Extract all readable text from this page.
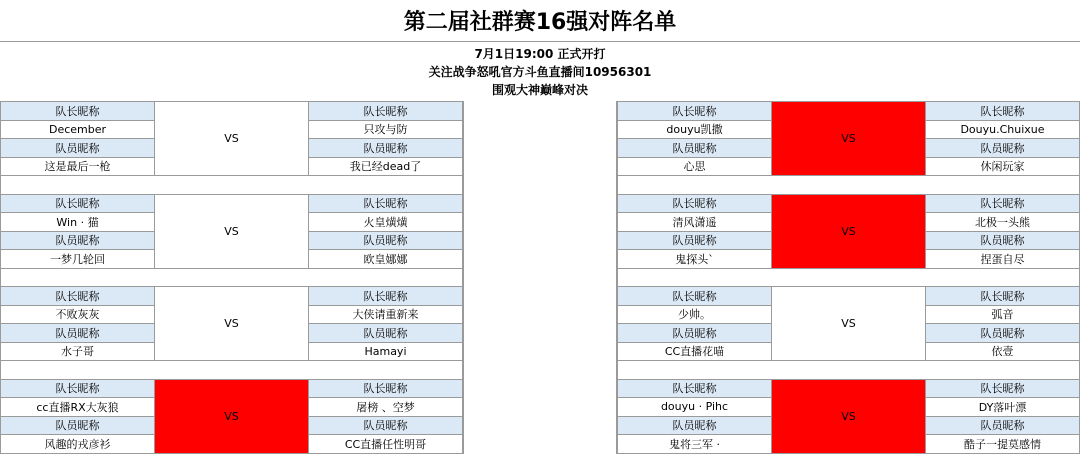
第二届社群赛16强对阵名单
7月1日19:00 正式开打
关注战争怒吼官方斗鱼直播间10956301
围观大神巅峰对决
队长昵称
December
队员昵称
这是最后一枪
VS
队长昵称
只攻与防
队员昵称
我已经dead了
队长昵称
Win · 猫
队员昵称
一梦几轮回
VS
队长昵称
火皇熿熿
队员昵称
欧皇娜娜
队长昵称
不败灰灰
队员昵称
水子哥
VS
队长昵称
大侠请重新来
队员昵称
Hamayi
队长昵称
cc直播RX大灰狼
队员昵称
风趣的戎彦衫
VS
队长昵称
屠榜 、空梦
队员昵称
CC直播任性明哥
队长昵称
douyu凯撒
队员昵称
心思
VS
队长昵称
Douyu.Chuixue
队员昵称
休闲玩家
队长昵称
清风潇遥
队员昵称
鬼探头`
VS
队长昵称
北极一头熊
队员昵称
捏蛋自尽
队长昵称
少帅。
队员昵称
CC直播花喵
VS
队长昵称
弧音
队员昵称
依壹
队长昵称
douyu · Pihc
队员昵称
鬼将三军 ·
VS
队长昵称
DY落叶漂
队员昵称
酷子一提莫感情
